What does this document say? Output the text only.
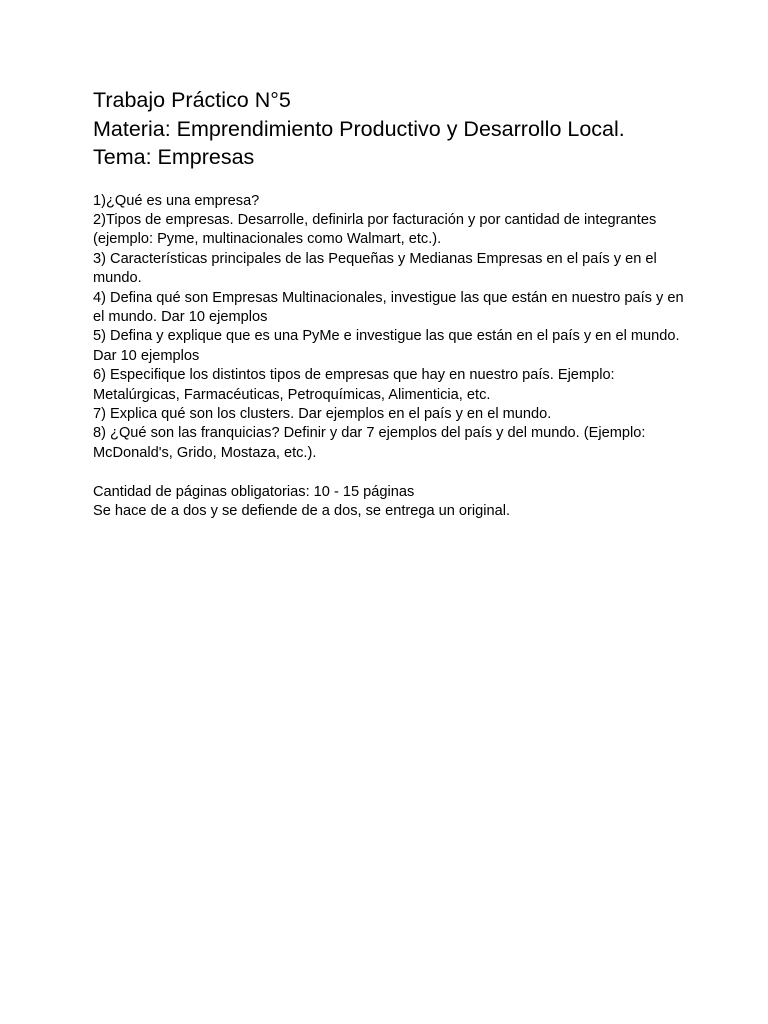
Trabajo Práctico N°5

Materia: Emprendimiento Productivo y Desarrollo Local.

Tema: Empresas

1)¿Qué es una empresa?

2)Tipos de empresas. Desarrolle, definirla por facturación y por cantidad de integrantes (ejemplo: Pyme, multinacionales como Walmart, etc.).

3) Características principales de las Pequeñas y Medianas Empresas en el país y en el mundo.

4) Defina qué son Empresas Multinacionales, investigue las que están en nuestro país y en el mundo. Dar 10 ejemplos

5) Defina y explique que es una PyMe e investigue las que están en el país y en el mundo. Dar 10 ejemplos

6) Especifique los distintos tipos de empresas que hay en nuestro país. Ejemplo: Metalúrgicas, Farmacéuticas, Petroquímicas, Alimenticia, etc.

7) Explica qué son los clusters. Dar ejemplos en el país y en el mundo.

8) ¿Qué son las franquicias? Definir y dar 7 ejemplos del país y del mundo. (Ejemplo: McDonald's, Grido, Mostaza, etc.).

Cantidad de páginas obligatorias: 10 - 15 páginas

Se hace de a dos y se defiende de a dos, se entrega un original.
